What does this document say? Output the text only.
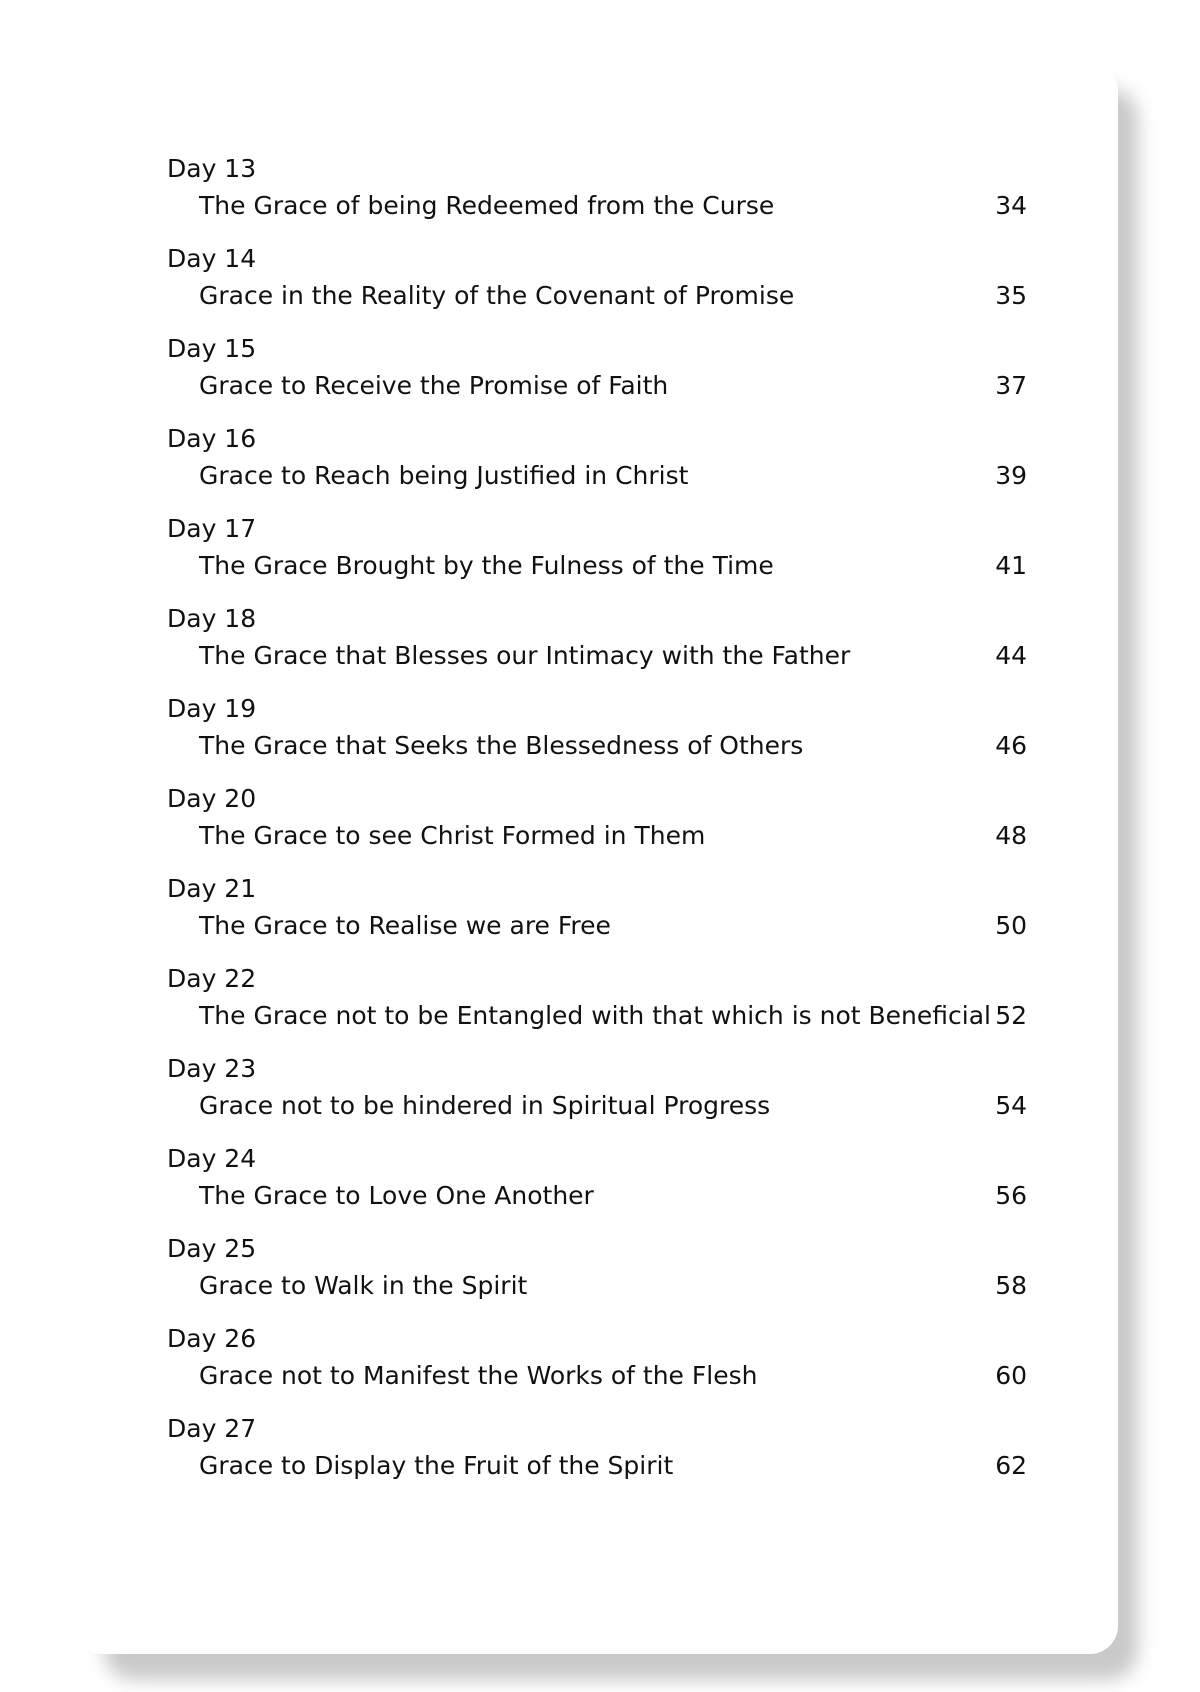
Day 13
The Grace of being Redeemed from the Curse	34
Day 14
Grace in the Reality of the Covenant of Promise	35
Day 15
Grace to Receive the Promise of Faith	37
Day 16
Grace to Reach being Justified in Christ	39
Day 17
The Grace Brought by the Fulness of the Time	41
Day 18
The Grace that Blesses our Intimacy with the Father	44
Day 19
The Grace that Seeks the Blessedness of Others	46
Day 20
The Grace to see Christ Formed in Them	48
Day 21
The Grace to Realise we are Free	50
Day 22
The Grace not to be Entangled with that which is not Beneficial 52
Day 23
Grace not to be hindered in Spiritual Progress	54
Day 24
The Grace to Love One Another	56
Day 25
Grace to Walk in the Spirit	58
Day 26
Grace not to Manifest the Works of the Flesh	60
Day 27
Grace to Display the Fruit of the Spirit	62
